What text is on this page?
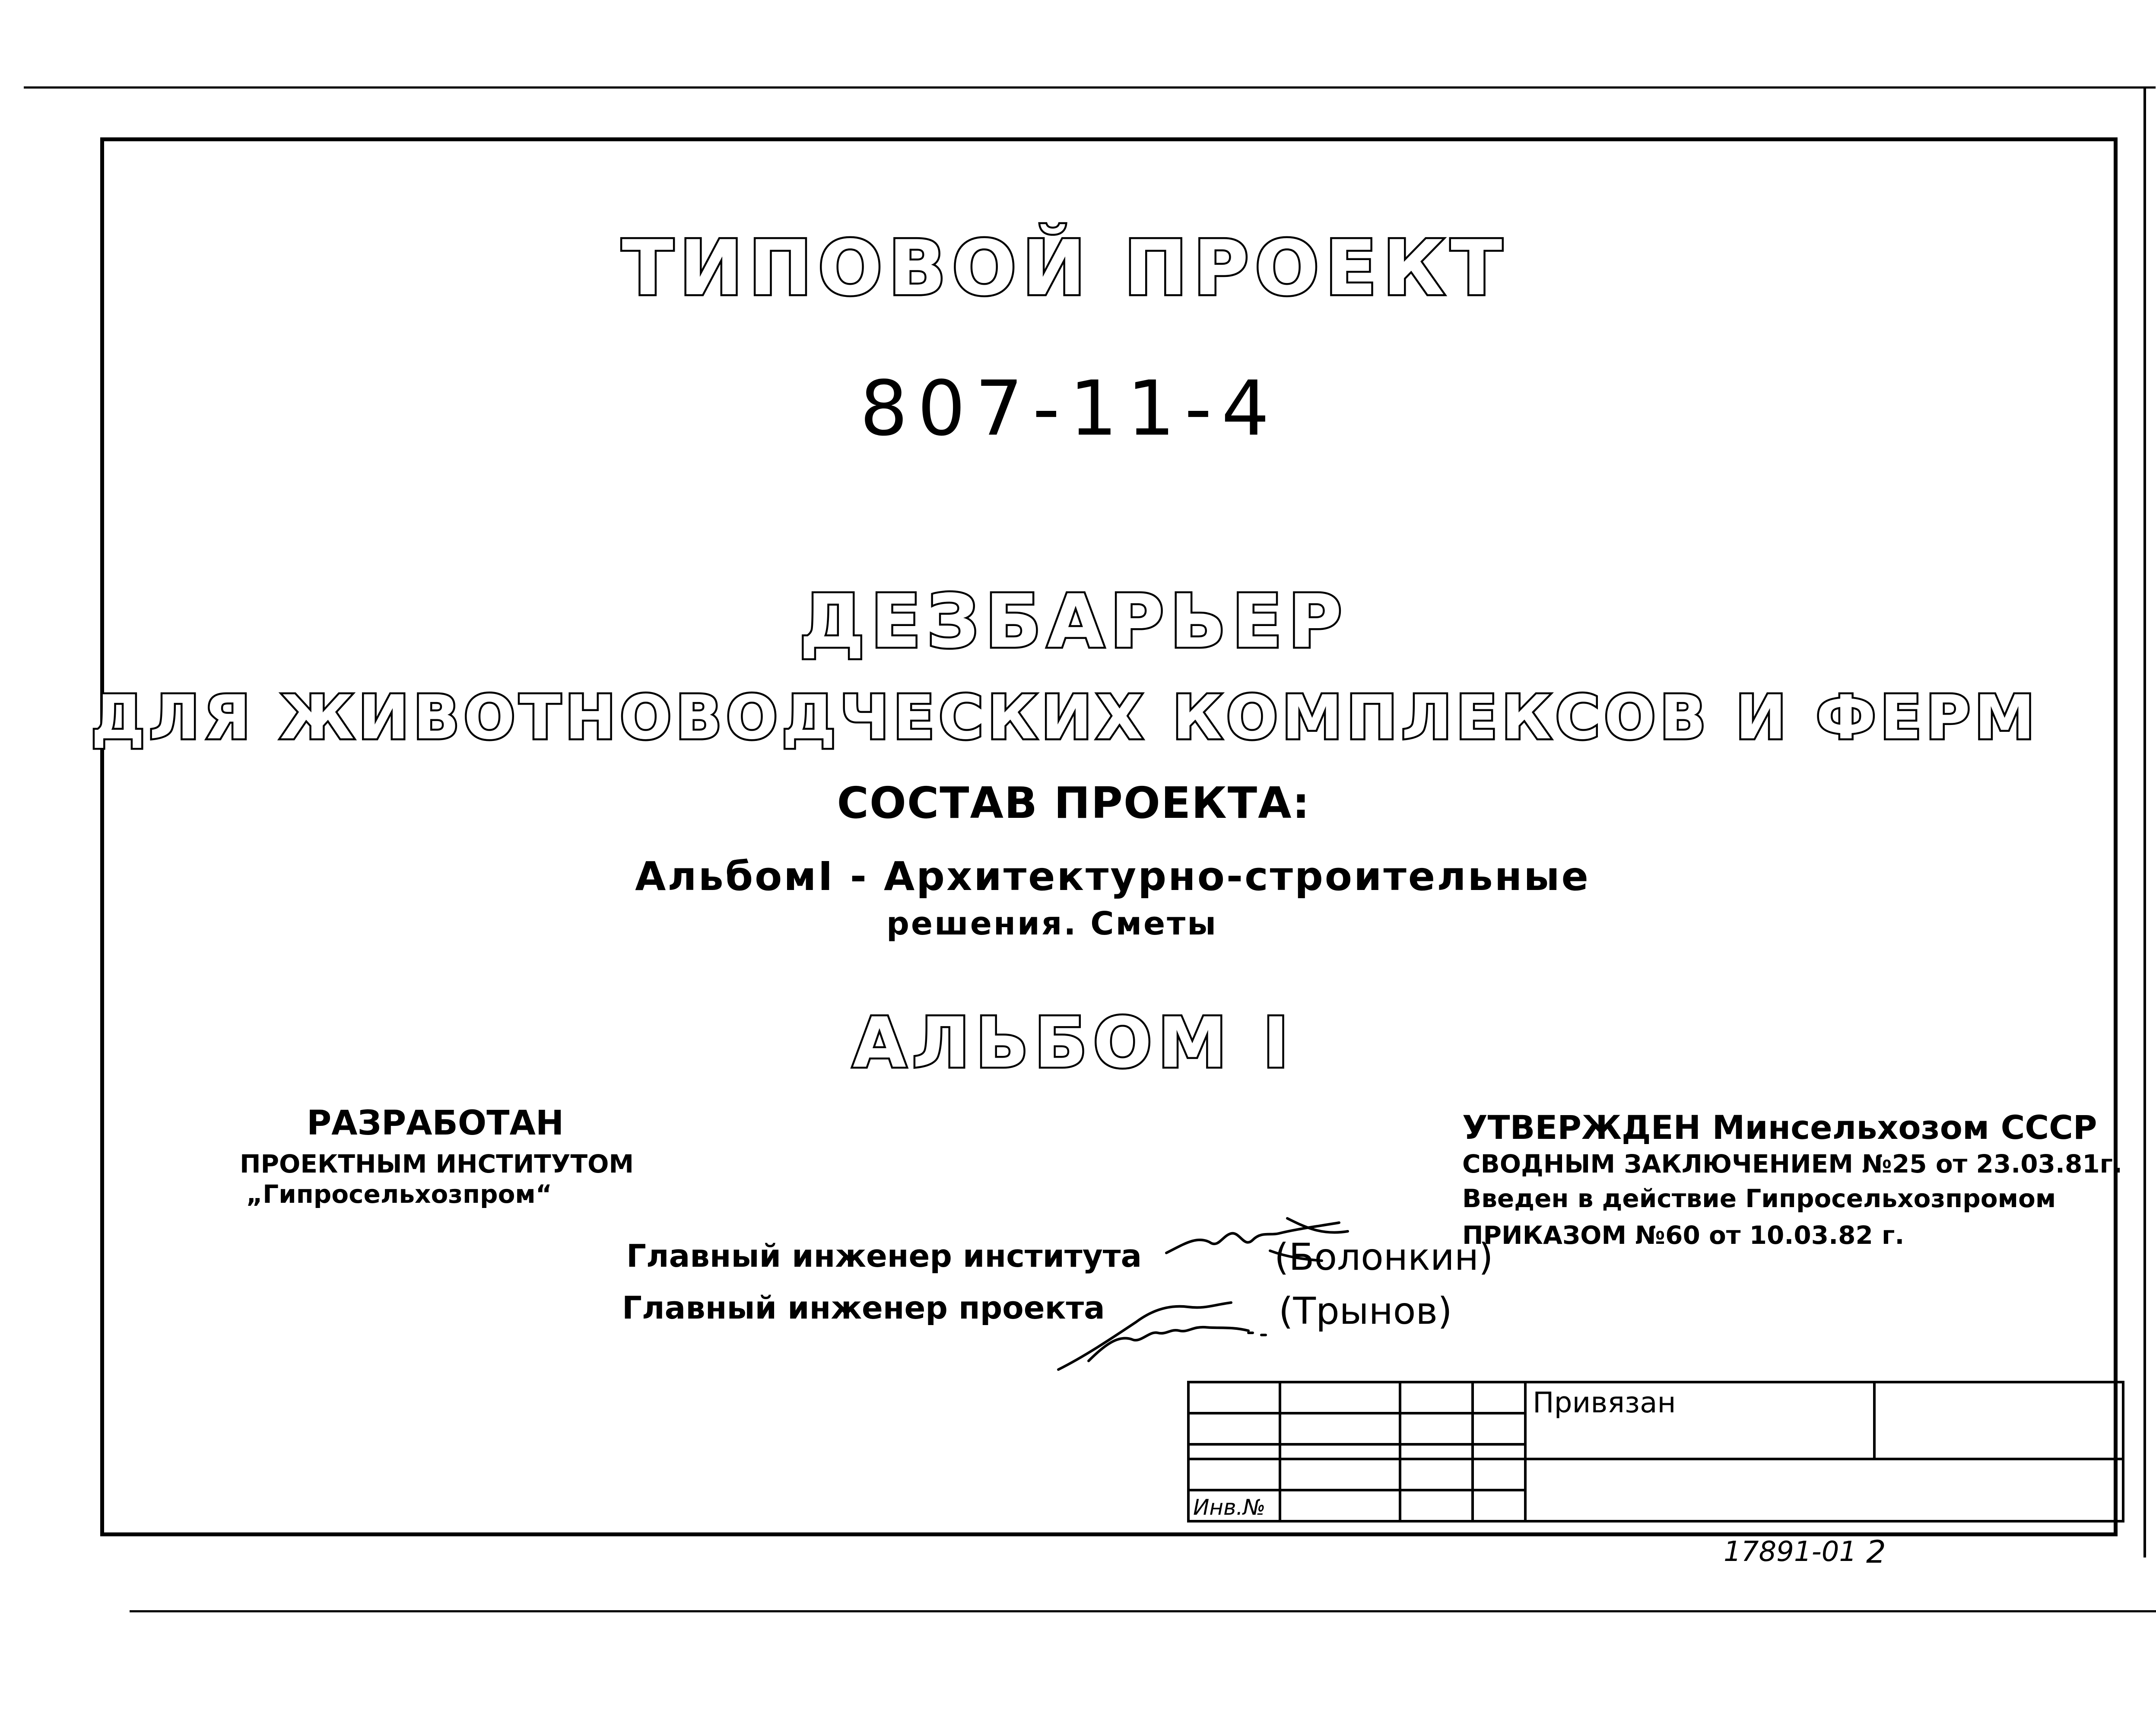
ТИПОВОЙ ПРОЕКТ
807-11-4
ДЕЗБАРЬЕР
ДЛЯ ЖИВОТНОВОДЧЕСКИХ КОМПЛЕКСОВ И ФЕРМ
СОСТАВ ПРОЕКТА:
АльбомI - Архитектурно-строительные
решения. Сметы
АЛЬБОМ I
РАЗРАБОТАН
ПРОЕКТНЫМ ИНСТИТУТОМ
„Гипросельхозпром“
УТВЕРЖДЕН Минсельхозом СССР
СВОДНЫМ ЗАКЛЮЧЕНИЕМ №25 от 23.03.81г.
Введен в действие Гипросельхозпромом
ПРИКАЗОМ №60 от 10.03.82 г.
Главный инженер института	(Болонкин)
Главный инженер проекта	(Трынов)

				Привязан	

Инв.№					

17891-01 2
